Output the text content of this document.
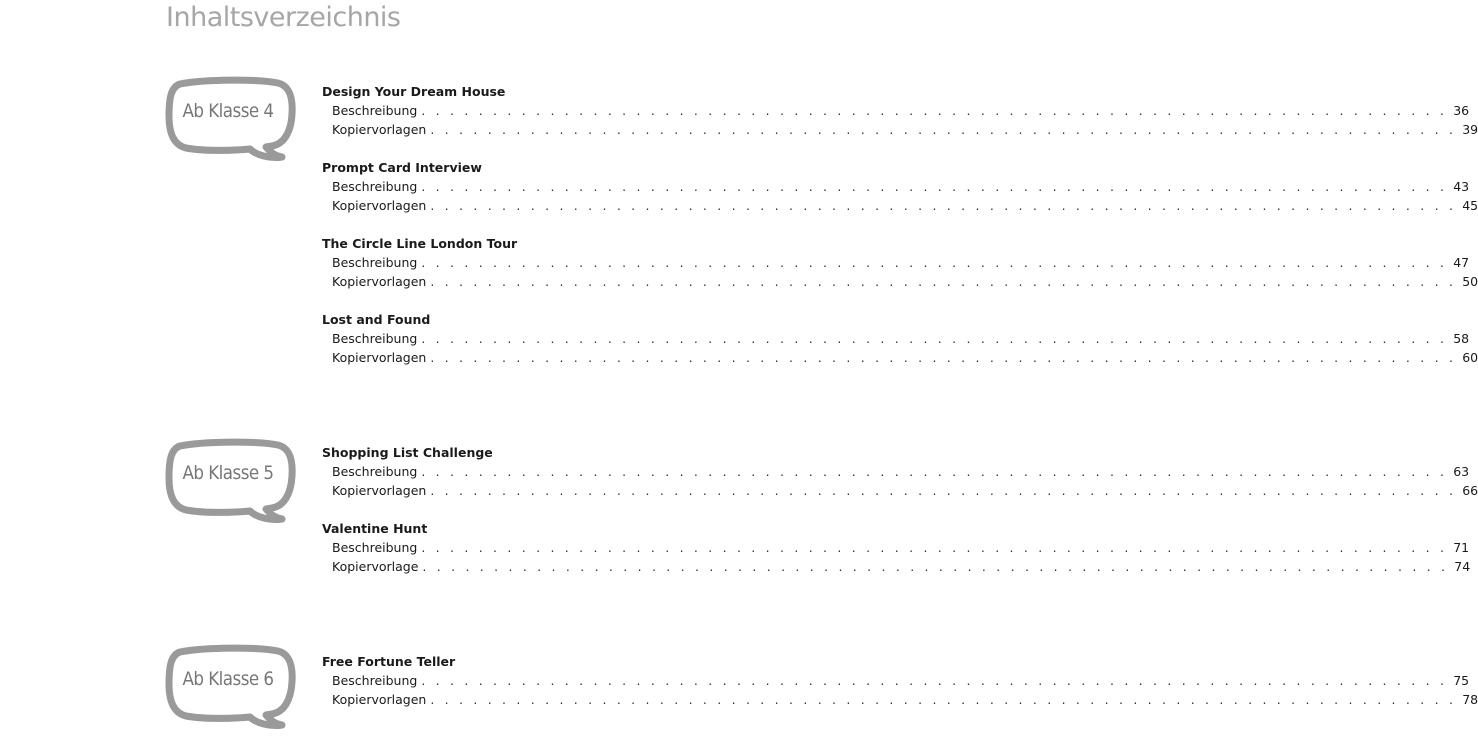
Inhaltsverzeichnis
Ab Klasse 4
Design Your Dream House
Beschreibung . . . . . . . . . . . . . . . . . . . . . . . . . . . . . . . . . . . . . . . . . . . . . . . . . . . . . . . . . . . . . . . . . . . . . . . . 36
Kopiervorlagen . . . . . . . . . . . . . . . . . . . . . . . . . . . . . . . . . . . . . . . . . . . . . . . . . . . . . . . . . . . . . . . . . . . . . . . . 39
Prompt Card Interview
Beschreibung . . . . . . . . . . . . . . . . . . . . . . . . . . . . . . . . . . . . . . . . . . . . . . . . . . . . . . . . . . . . . . . . . . . . . . . . 43
Kopiervorlagen . . . . . . . . . . . . . . . . . . . . . . . . . . . . . . . . . . . . . . . . . . . . . . . . . . . . . . . . . . . . . . . . . . . . . . . . 45
The Circle Line London Tour
Beschreibung . . . . . . . . . . . . . . . . . . . . . . . . . . . . . . . . . . . . . . . . . . . . . . . . . . . . . . . . . . . . . . . . . . . . . . . . 47
Kopiervorlagen . . . . . . . . . . . . . . . . . . . . . . . . . . . . . . . . . . . . . . . . . . . . . . . . . . . . . . . . . . . . . . . . . . . . . . . . 50
Lost and Found
Beschreibung . . . . . . . . . . . . . . . . . . . . . . . . . . . . . . . . . . . . . . . . . . . . . . . . . . . . . . . . . . . . . . . . . . . . . . . . 58
Kopiervorlagen . . . . . . . . . . . . . . . . . . . . . . . . . . . . . . . . . . . . . . . . . . . . . . . . . . . . . . . . . . . . . . . . . . . . . . . . 60
Ab Klasse 5
Shopping List Challenge
Beschreibung . . . . . . . . . . . . . . . . . . . . . . . . . . . . . . . . . . . . . . . . . . . . . . . . . . . . . . . . . . . . . . . . . . . . . . . . 63
Kopiervorlagen . . . . . . . . . . . . . . . . . . . . . . . . . . . . . . . . . . . . . . . . . . . . . . . . . . . . . . . . . . . . . . . . . . . . . . . . 66
Valentine Hunt
Beschreibung . . . . . . . . . . . . . . . . . . . . . . . . . . . . . . . . . . . . . . . . . . . . . . . . . . . . . . . . . . . . . . . . . . . . . . . . 71
Kopiervorlage . . . . . . . . . . . . . . . . . . . . . . . . . . . . . . . . . . . . . . . . . . . . . . . . . . . . . . . . . . . . . . . . . . . . . . . . 74
Ab Klasse 6
Free Fortune Teller
Beschreibung . . . . . . . . . . . . . . . . . . . . . . . . . . . . . . . . . . . . . . . . . . . . . . . . . . . . . . . . . . . . . . . . . . . . . . . . 75
Kopiervorlagen . . . . . . . . . . . . . . . . . . . . . . . . . . . . . . . . . . . . . . . . . . . . . . . . . . . . . . . . . . . . . . . . . . . . . . . . 78
